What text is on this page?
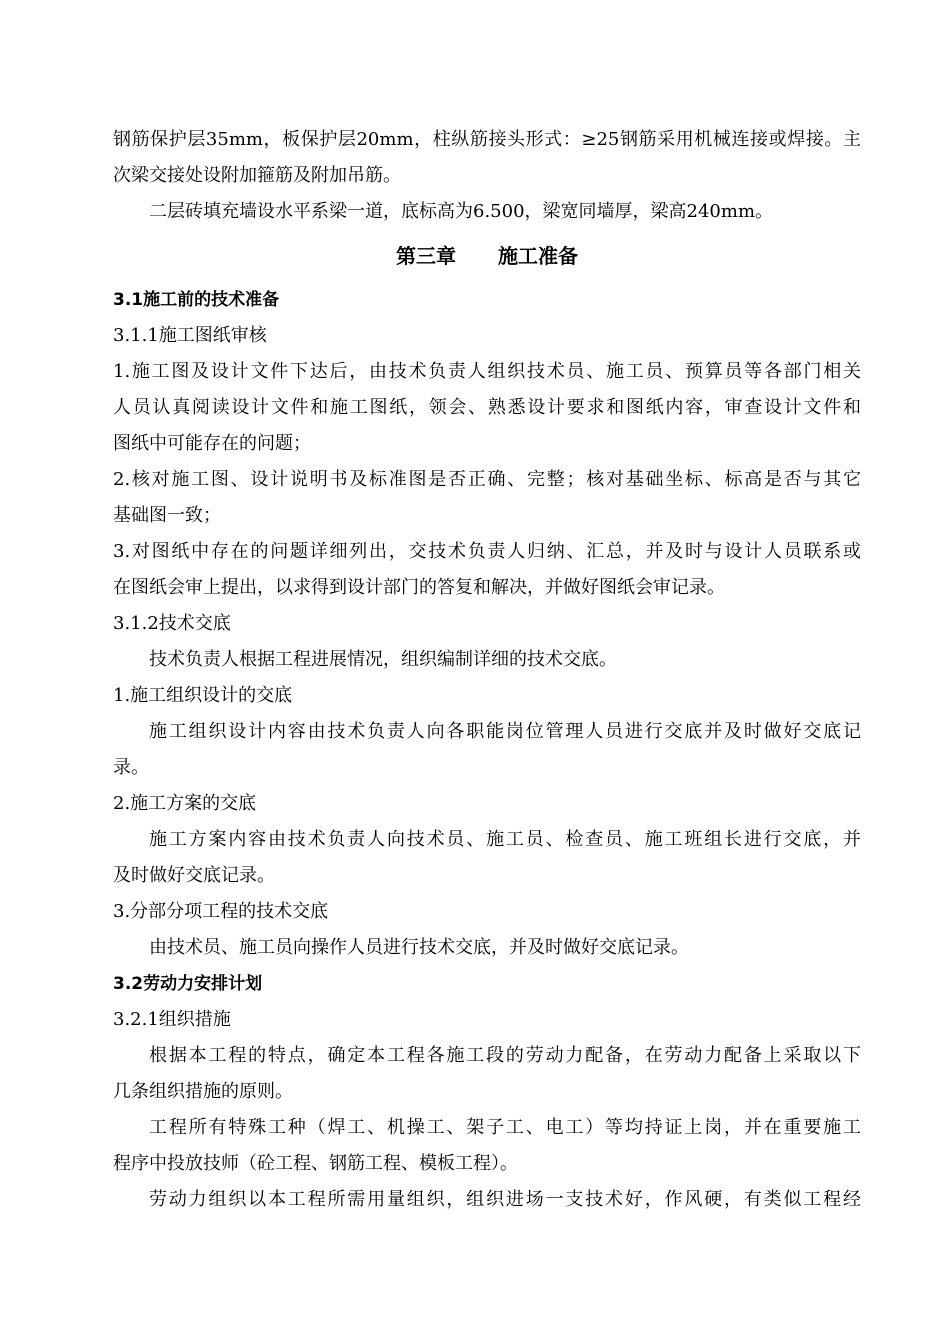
钢筋保护层35mm，板保护层20mm，柱纵筋接头形式：≥25钢筋采用机械连接或焊接。主
次梁交接处设附加箍筋及附加吊筋。
二层砖填充墙设水平系梁一道，底标高为6.500，梁宽同墙厚，梁高240mm。
第三章 施工准备
3.1施工前的技术准备
3.1.1施工图纸审核
1.施工图及设计文件下达后，由技术负责人组织技术员、施工员、预算员等各部门相关
人员认真阅读设计文件和施工图纸，领会、熟悉设计要求和图纸内容，审查设计文件和
图纸中可能存在的问题；
2.核对施工图、设计说明书及标准图是否正确、完整；核对基础坐标、标高是否与其它
基础图一致；
3.对图纸中存在的问题详细列出，交技术负责人归纳、汇总，并及时与设计人员联系或
在图纸会审上提出，以求得到设计部门的答复和解决，并做好图纸会审记录。
3.1.2技术交底
技术负责人根据工程进展情况，组织编制详细的技术交底。
1.施工组织设计的交底
施工组织设计内容由技术负责人向各职能岗位管理人员进行交底并及时做好交底记
录。
2.施工方案的交底
施工方案内容由技术负责人向技术员、施工员、检查员、施工班组长进行交底，并
及时做好交底记录。
3.分部分项工程的技术交底
由技术员、施工员向操作人员进行技术交底，并及时做好交底记录。
3.2劳动力安排计划
3.2.1组织措施
根据本工程的特点，确定本工程各施工段的劳动力配备，在劳动力配备上采取以下
几条组织措施的原则。
工程所有特殊工种（焊工、机操工、架子工、电工）等均持证上岗，并在重要施工
程序中投放技师（砼工程、钢筋工程、模板工程）。
劳动力组织以本工程所需用量组织，组织进场一支技术好，作风硬，有类似工程经
